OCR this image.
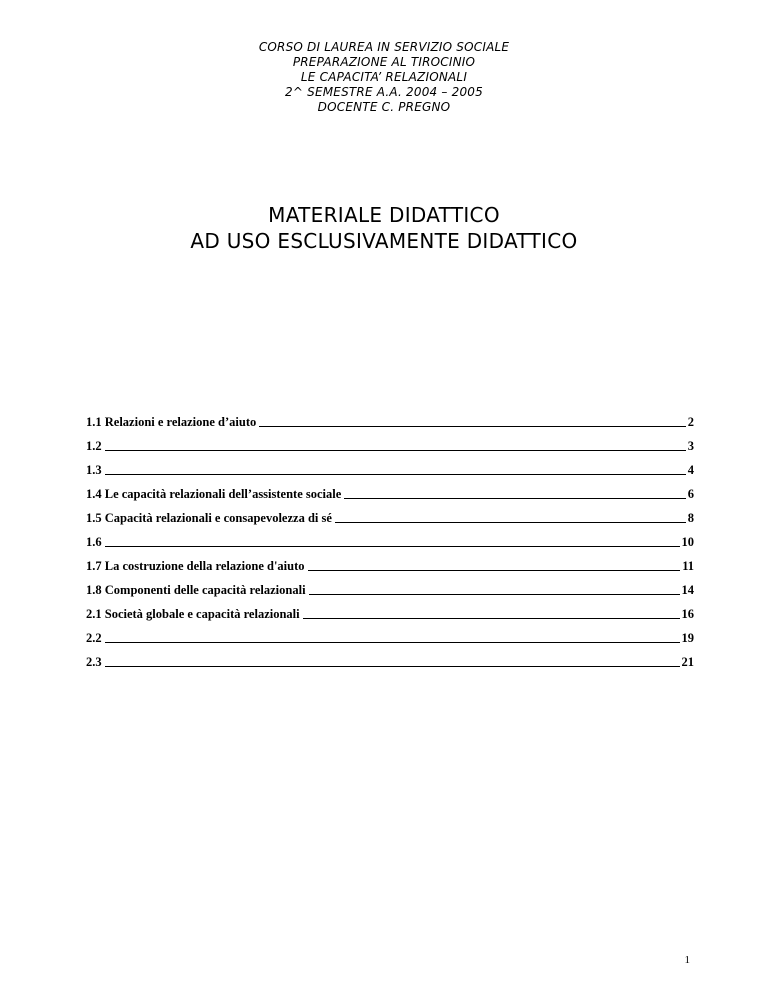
CORSO DI LAUREA IN SERVIZIO SOCIALE
PREPARAZIONE AL TIROCINIO
LE CAPACITA’ RELAZIONALI
2^ SEMESTRE A.A. 2004 – 2005
DOCENTE C. PREGNO
MATERIALE DIDATTICO
AD USO ESCLUSIVAMENTE DIDATTICO
1.1 Relazioni e relazione d’aiuto	2
1.2	3
1.3	4
1.4 Le capacità relazionali dell’assistente sociale	6
1.5 Capacità relazionali e consapevolezza di sé	8
1.6	10
1.7 La costruzione della relazione d'aiuto	11
1.8 Componenti delle capacità relazionali	14
2.1 Società globale e capacità relazionali	16
2.2	19
2.3	21
1
